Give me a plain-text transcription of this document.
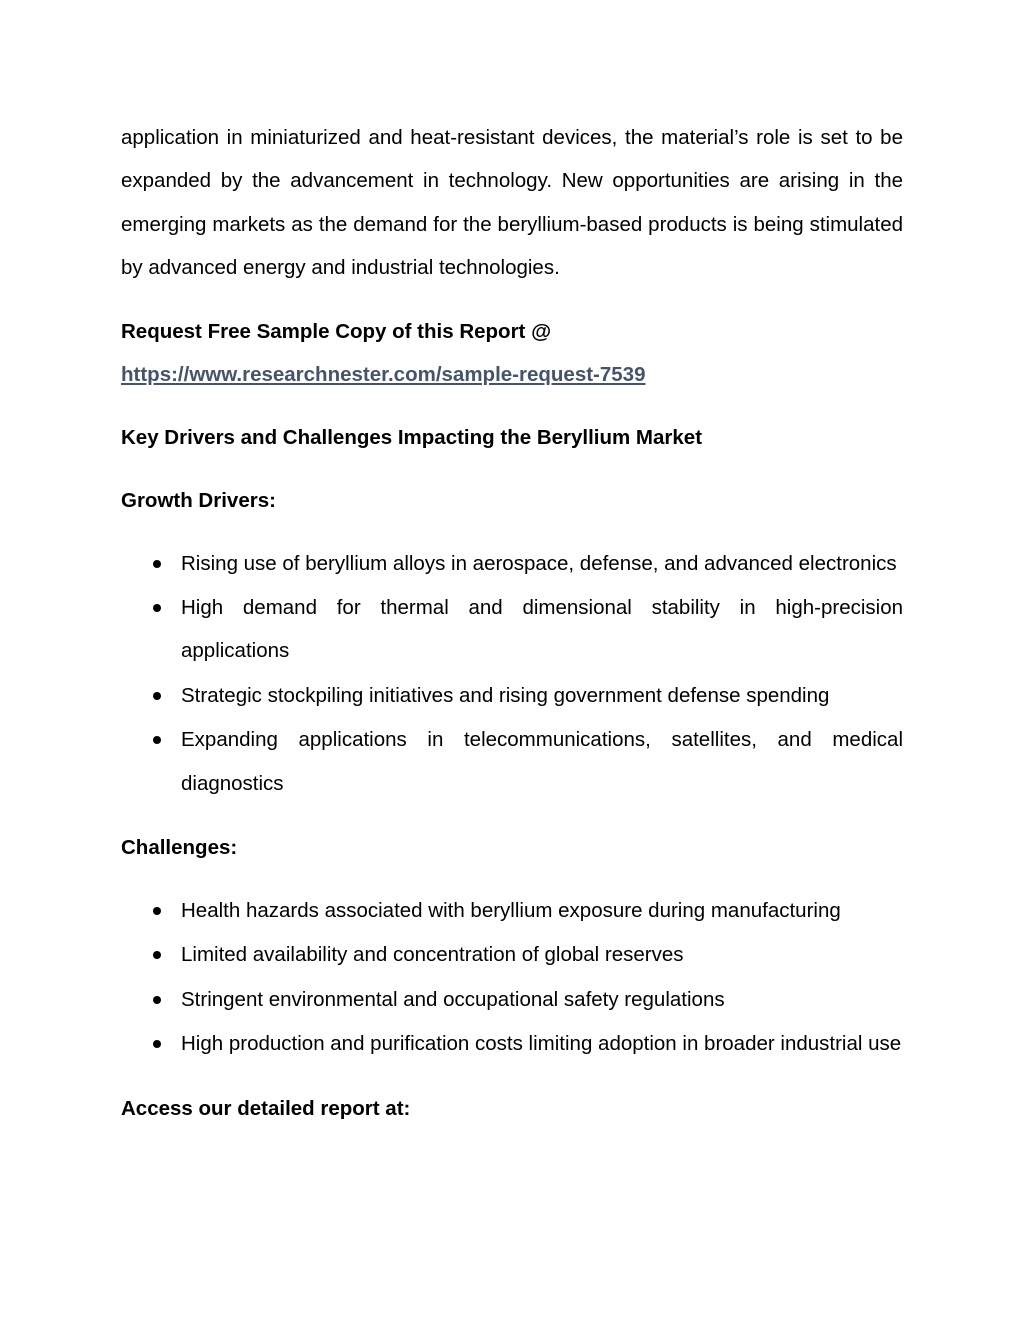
application in miniaturized and heat-resistant devices, the material’s role is set to be expanded by the advancement in technology. New opportunities are arising in the emerging markets as the demand for the beryllium-based products is being stimulated by advanced energy and industrial technologies.

Request Free Sample Copy of this Report @

https://www.researchnester.com/sample-request-7539

Key Drivers and Challenges Impacting the Beryllium Market

Growth Drivers:

Rising use of beryllium alloys in aerospace, defense, and advanced electronics
High demand for thermal and dimensional stability in high-precision applications
Strategic stockpiling initiatives and rising government defense spending
Expanding applications in telecommunications, satellites, and medical diagnostics

Challenges:

Health hazards associated with beryllium exposure during manufacturing
Limited availability and concentration of global reserves
Stringent environmental and occupational safety regulations
High production and purification costs limiting adoption in broader industrial use

Access our detailed report at:
